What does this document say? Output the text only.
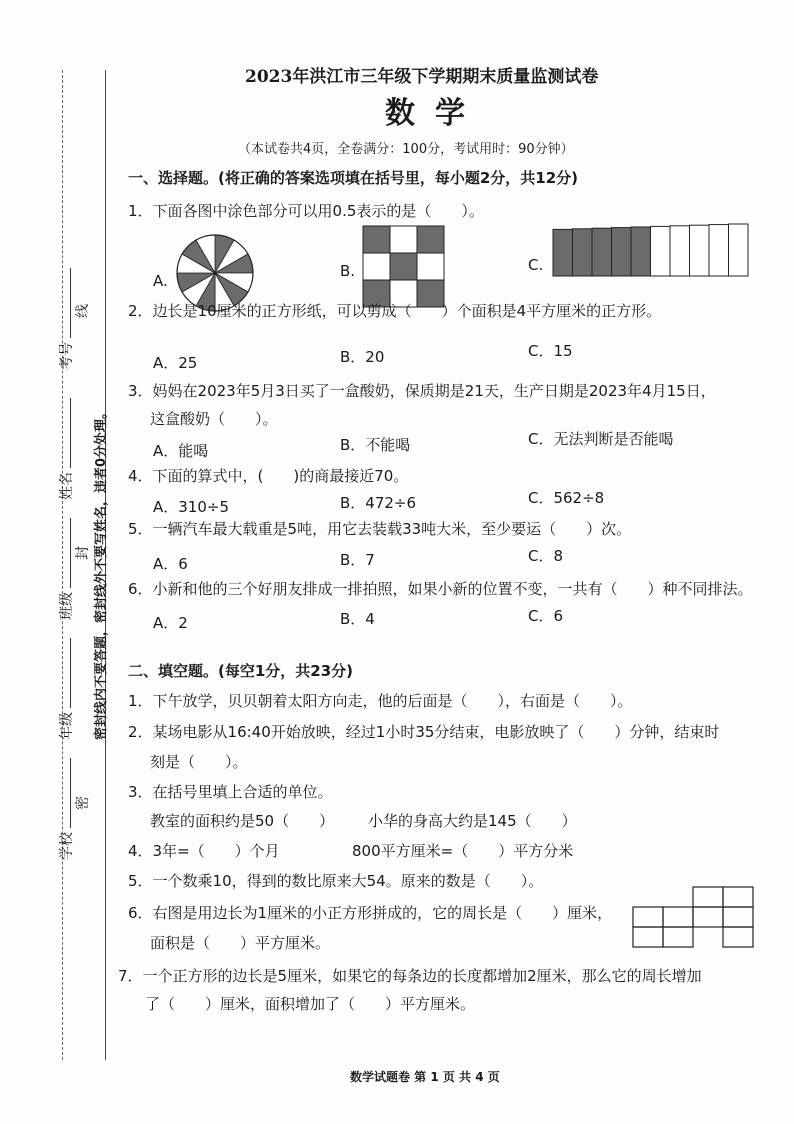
考号
姓名
班级
年级
学校
线
封
密
密封线内不要答题，密封线外不要写姓名，违者0分处理。
2023年洪江市三年级下学期期末质量监测试卷
数学
（本试卷共4页，全卷满分：100分，考试用时：90分钟）
一、选择题。(将正确的答案选项填在括号里，每小题2分，共12分)
1．下面各图中涂色部分可以用0.5表示的是（　　）。
A.
B.	C.
2．边长是10厘米的正方形纸，可以剪成（　　）个面积是4平方厘米的正方形。
A．25	B．20	C．15
3．妈妈在2023年5月3日买了一盒酸奶，保质期是21天，生产日期是2023年4月15日，
这盒酸奶（　　）。
A．能喝	B．不能喝	C．无法判断是否能喝
4．下面的算式中，(　　)的商最接近70。
A．310÷5	B．472÷6	C．562÷8
5．一辆汽车最大载重是5吨，用它去装载33吨大米，至少要运（　　）次。
A．6	B．7	C．8
6．小新和他的三个好朋友排成一排拍照，如果小新的位置不变，一共有（　　）种不同排法。
A．2	B．4	C．6
二、填空题。(每空1分，共23分)
1．下午放学，贝贝朝着太阳方向走，他的后面是（　　），右面是（　　）。
2．某场电影从16:40开始放映，经过1小时35分结束，电影放映了（　　）分钟，结束时
刻是（　　）。
3．在括号里填上合适的单位。
教室的面积约是50（　　） 小华的身高大约是145（　　）
4．3年=（　　）个月	800平方厘米=（　　）平方分米
5．一个数乘10，得到的数比原来大54。原来的数是（　　）。
6．右图是用边长为1厘米的小正方形拼成的，它的周长是（　　）厘米，
面积是（　　）平方厘米。
7．一个正方形的边长是5厘米，如果它的每条边的长度都增加2厘米，那么它的周长增加
了（　　）厘米，面积增加了（　　）平方厘米。
数学试题卷 第 1 页 共 4 页
